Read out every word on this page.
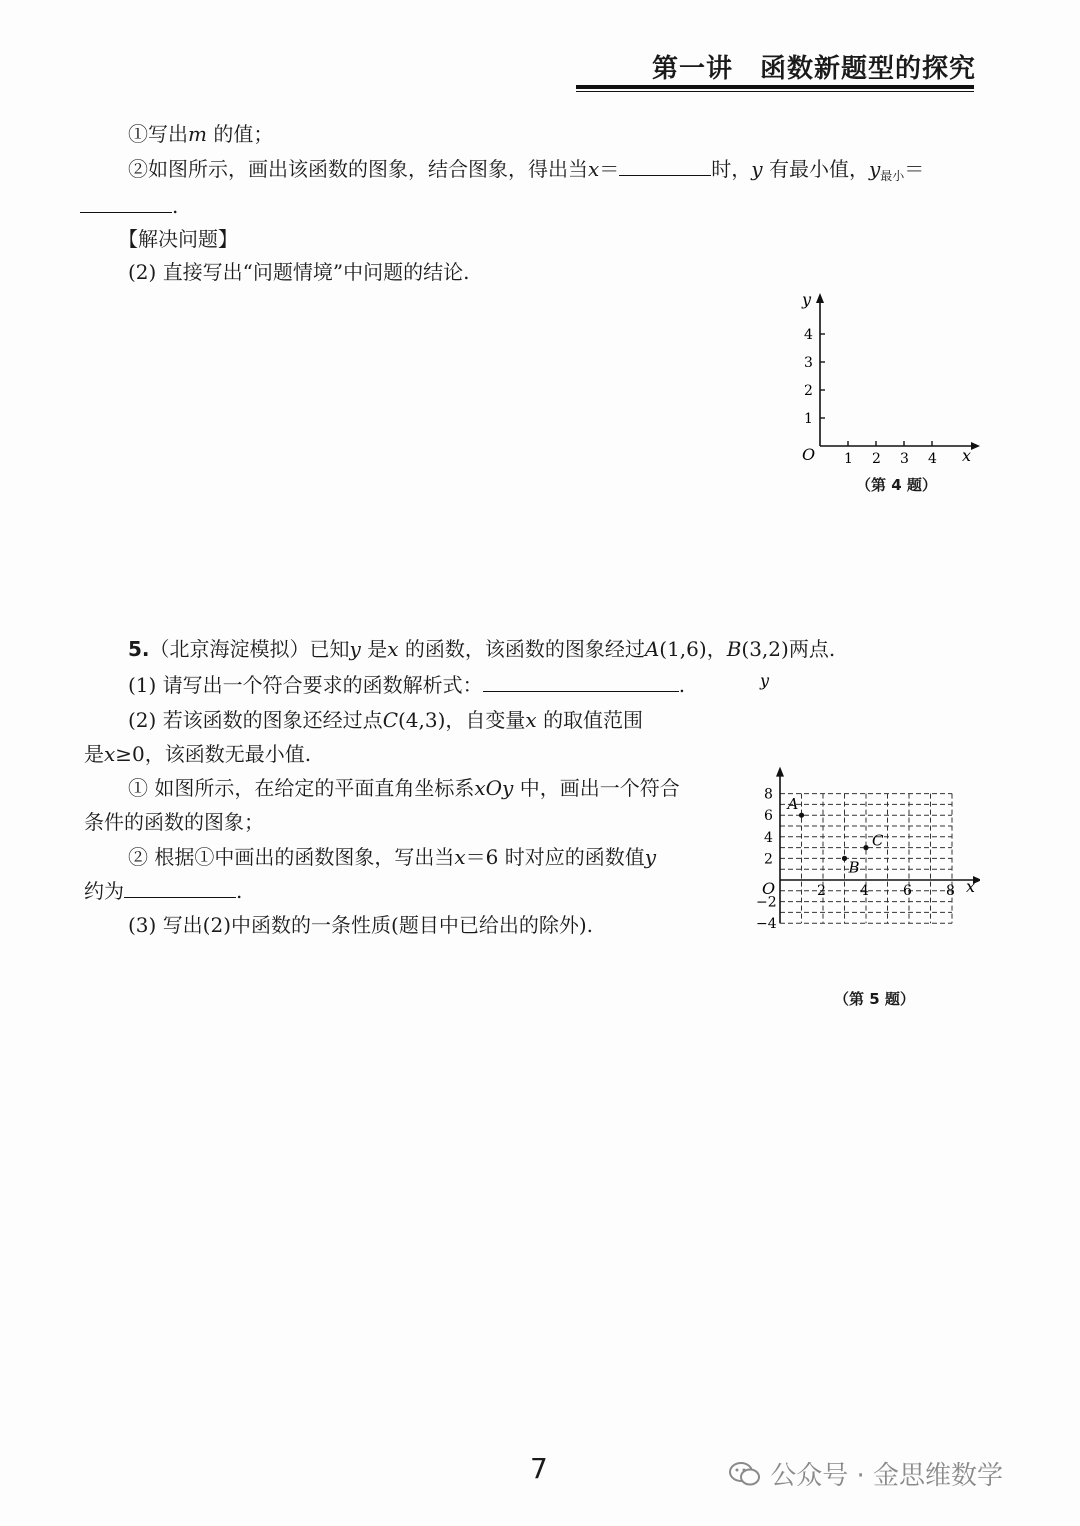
第一讲　函数新题型的探究
①写出m 的值；
②如图所示，画出该函数的图象，结合图象，得出当x＝	时，y 有最小值，$y_{最小}=$
.
【解决问题】
(2) 直接写出“问题情境”中问题的结论.
1 2 3 4
1
2
3
4
y
x
O
（第 4 题）
5.（北京海淀模拟）已知y 是x 的函数，该函数的图象经过A(1,6)，B(3,2)两点.
(1) 请写出一个符合要求的函数解析式：	.
(2) 若该函数的图象还经过点C(4,3)，自变量x 的取值范围
是x≥0，该函数无最小值.
① 如图所示，在给定的平面直角坐标系xOy 中，画出一个符合
条件的函数的图象；
② 根据①中画出的函数图象，写出当x＝6 时对应的函数值y
约为	.
(3) 写出(2)中函数的一条性质(题目中已给出的除外).
2 4 6 8
8
6
4
2
−2
−4
A
B
C
y
x
O
（第 5 题）
7	公众号 · 金思维数学
